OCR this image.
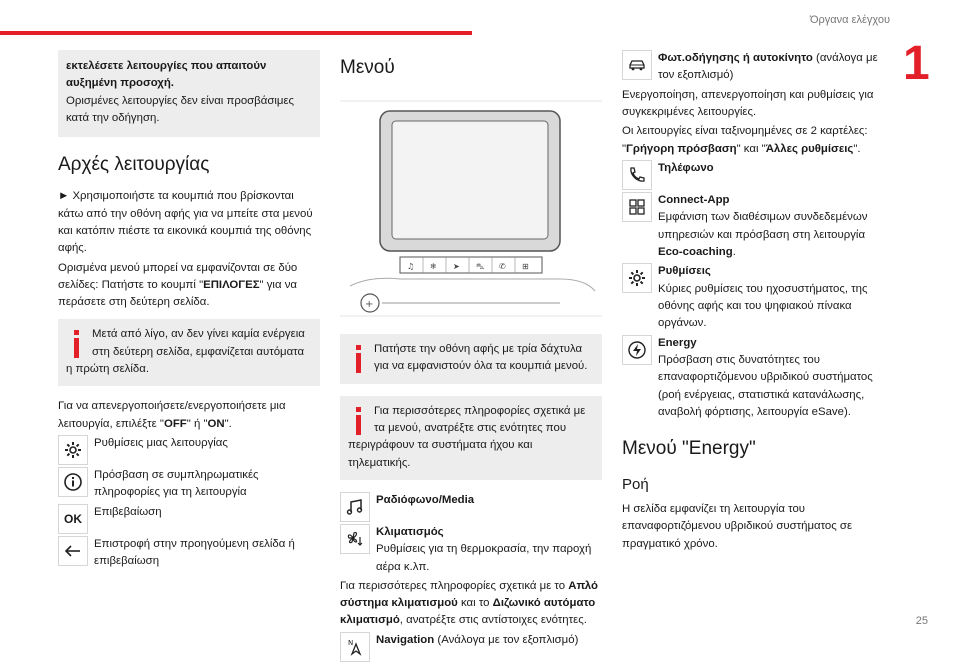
Όργανα ελέγχου
1
25
εκτελέσετε λειτουργίες που απαιτούν αυξημένη προσοχή.
Ορισμένες λειτουργίες δεν είναι προσβάσιμες κατά την οδήγηση.
Αρχές λειτουργίας

► Χρησιμοποιήστε τα κουμπιά που βρίσκονται κάτω από την οθόνη αφής για να μπείτε στα μενού και κατόπιν πιέστε τα εικονικά κουμπιά της οθόνης αφής.

Ορισμένα μενού μπορεί να εμφανίζονται σε δύο σελίδες: Πατήστε το κουμπί "ΕΠΙΛΟΓΕΣ" για να περάσετε στη δεύτερη σελίδα.

Μετά από λίγο, αν δεν γίνει καμία ενέργεια στη δεύτερη σελίδα, εμφανίζεται αυτόματα η πρώτη σελίδα.

Για να απενεργοποιήσετε/ενεργοποιήσετε μια λειτουργία, επιλέξτε "OFF" ή "ON".

Ρυθμίσεις μιας λειτουργίας
Πρόσβαση σε συμπληρωματικές πληροφορίες για τη λειτουργία
OK	Επιβεβαίωση
Επιστροφή στην προηγούμενη σελίδα ή επιβεβαίωση
Μενού
♫ ❄ ➤ ⛍ ✆ ⊞
+
Πατήστε την οθόνη αφής με τρία δάχτυλα για να εμφανιστούν όλα τα κουμπιά μενού.
Για περισσότερες πληροφορίες σχετικά με τα μενού, ανατρέξτε στις ενότητες που περιγράφουν τα συστήματα ήχου και τηλεματικής.
Ραδιόφωνο/Media
Κλιματισμός
Ρυθμίσεις για τη θερμοκρασία, την παροχή αέρα κ.λπ.

Για περισσότερες πληροφορίες σχετικά με το Απλό σύστημα κλιματισμού και το Διζωνικό αυτόματο κλιματισμό, ανατρέξτε στις αντίστοιχες ενότητες.

N Navigation (Ανάλογα με τον εξοπλισμό)
Φωτ.οδήγησης ή αυτοκίνητο (ανάλογα με τον εξοπλισμό)

Ενεργοποίηση, απενεργοποίηση και ρυθμίσεις για συγκεκριμένες λειτουργίες.

Οι λειτουργίες είναι ταξινομημένες σε 2 καρτέλες: "Γρήγορη πρόσβαση" και "Άλλες ρυθμίσεις".

Τηλέφωνο
Connect-App
Εμφάνιση των διαθέσιμων συνδεδεμένων υπηρεσιών και πρόσβαση στη λειτουργία Eco-coaching.
Ρυθμίσεις
Κύριες ρυθμίσεις του ηχοσυστήματος, της οθόνης αφής και του ψηφιακού πίνακα οργάνων.
Energy
Πρόσβαση στις δυνατότητες του επαναφορτιζόμενου υβριδικού συστήματος (ροή ενέργειας, στατιστικά κατανάλωσης, αναβολή φόρτισης, λειτουργία eSave).
Μενού "Energy"
Ροή

Η σελίδα εμφανίζει τη λειτουργία του επαναφορτιζόμενου υβριδικού συστήματος σε πραγματικό χρόνο.
